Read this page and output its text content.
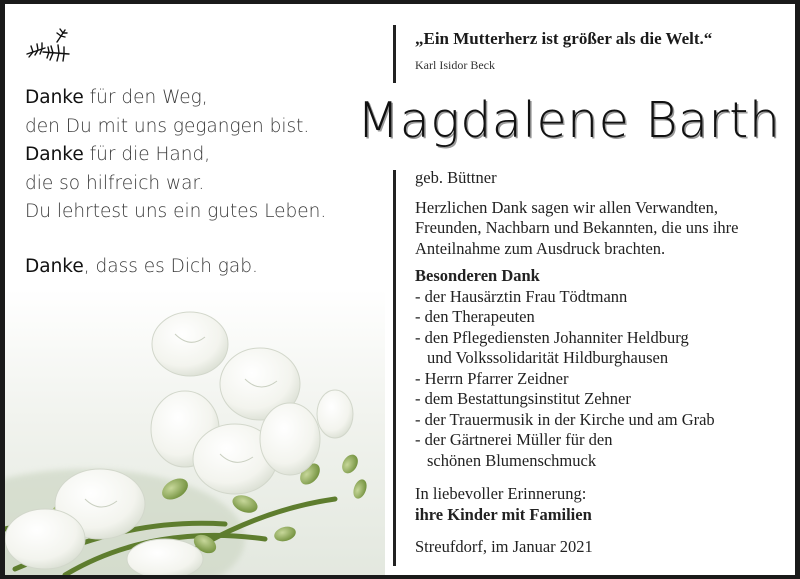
Danke für den Weg,
den Du mit uns gegangen bist.
Danke für die Hand,
die so hilfreich war.
Du lehrtest uns ein gutes Leben.
Danke, dass es Dich gab.
„Ein Mutterherz ist größer als die Welt.“
Karl Isidor Beck
Magdalene Barth
geb. Büttner
Herzlichen Dank sagen wir allen Verwandten, Freunden, Nachbarn und Bekannten, die uns ihre Anteilnahme zum Ausdruck brachten.
Besonderen Dank
- der Hausärztin Frau Tödtmann
- den Therapeuten
- den Pflegediensten Johanniter Heldburg
und Volkssolidarität Hildburghausen
- Herrn Pfarrer Zeidner
- dem Bestattungsinstitut Zehner
- der Trauermusik in der Kirche und am Grab
- der Gärtnerei Müller für den
schönen Blumenschmuck
In liebevoller Erinnerung:
ihre Kinder mit Familien
Streufdorf, im Januar 2021
